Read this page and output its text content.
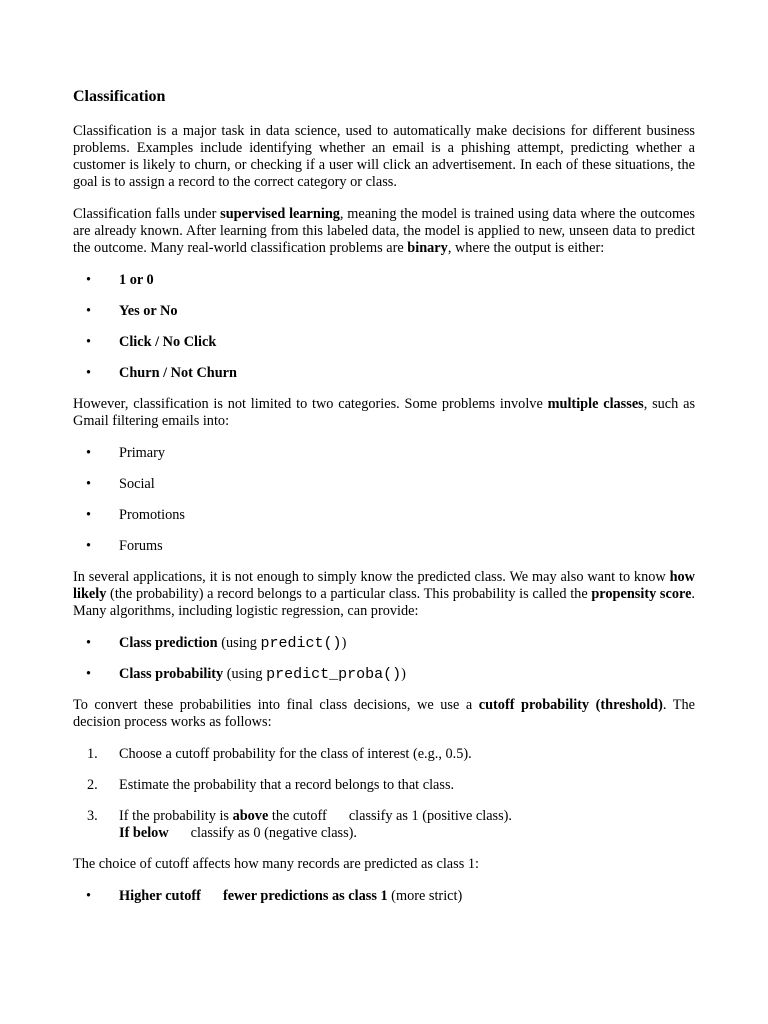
Classification

Classification is a major task in data science, used to automatically make decisions for different business problems. Examples include identifying whether an email is a phishing attempt, predicting whether a customer is likely to churn, or checking if a user will click an advertisement. In each of these situations, the goal is to assign a record to the correct category or class.

Classification falls under supervised learning, meaning the model is trained using data where the outcomes are already known. After learning from this labeled data, the model is applied to new, unseen data to predict the outcome. Many real-world classification problems are binary, where the output is either:

• 1 or 0
• Yes or No
• Click / No Click
• Churn / Not Churn

However, classification is not limited to two categories. Some problems involve multiple classes, such as Gmail filtering emails into:

• Primary
• Social
• Promotions
• Forums

In several applications, it is not enough to simply know the predicted class. We may also want to know how likely (the probability) a record belongs to a particular class. This probability is called the propensity score. Many algorithms, including logistic regression, can provide:

• Class prediction (using predict())
• Class probability (using predict_proba())

To convert these probabilities into final class decisions, we use a cutoff probability (threshold). The decision process works as follows:

1. Choose a cutoff probability for the class of interest (e.g., 0.5).
2. Estimate the probability that a record belongs to that class.
3. If the probability is above the cutoff classify as 1 (positive class).
If below classify as 0 (negative class).

The choice of cutoff affects how many records are predicted as class 1:

• Higher cutoff fewer predictions as class 1 (more strict)
